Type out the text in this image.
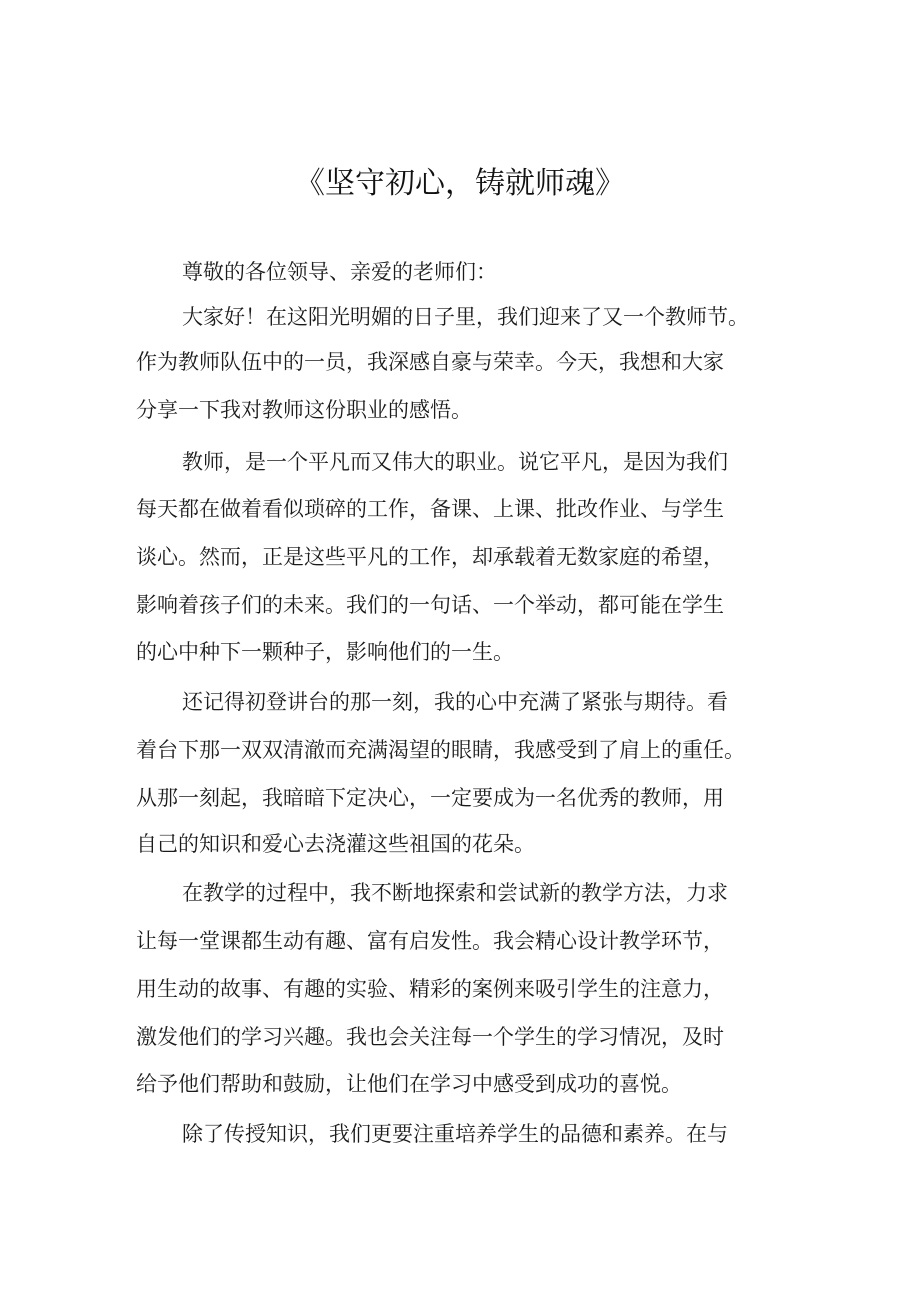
《坚守初心，铸就师魂》
尊敬的各位领导、亲爱的老师们：
大家好！在这阳光明媚的日子里，我们迎来了又一个教师节。
作为教师队伍中的一员，我深感自豪与荣幸。今天，我想和大家
分享一下我对教师这份职业的感悟。
教师，是一个平凡而又伟大的职业。说它平凡，是因为我们
每天都在做着看似琐碎的工作，备课、上课、批改作业、与学生
谈心。然而，正是这些平凡的工作，却承载着无数家庭的希望，
影响着孩子们的未来。我们的一句话、一个举动，都可能在学生
的心中种下一颗种子，影响他们的一生。
还记得初登讲台的那一刻，我的心中充满了紧张与期待。看
着台下那一双双清澈而充满渴望的眼睛，我感受到了肩上的重任。
从那一刻起，我暗暗下定决心，一定要成为一名优秀的教师，用
自己的知识和爱心去浇灌这些祖国的花朵。
在教学的过程中，我不断地探索和尝试新的教学方法，力求
让每一堂课都生动有趣、富有启发性。我会精心设计教学环节，
用生动的故事、有趣的实验、精彩的案例来吸引学生的注意力，
激发他们的学习兴趣。我也会关注每一个学生的学习情况，及时
给予他们帮助和鼓励，让他们在学习中感受到成功的喜悦。
除了传授知识，我们更要注重培养学生的品德和素养。在与
